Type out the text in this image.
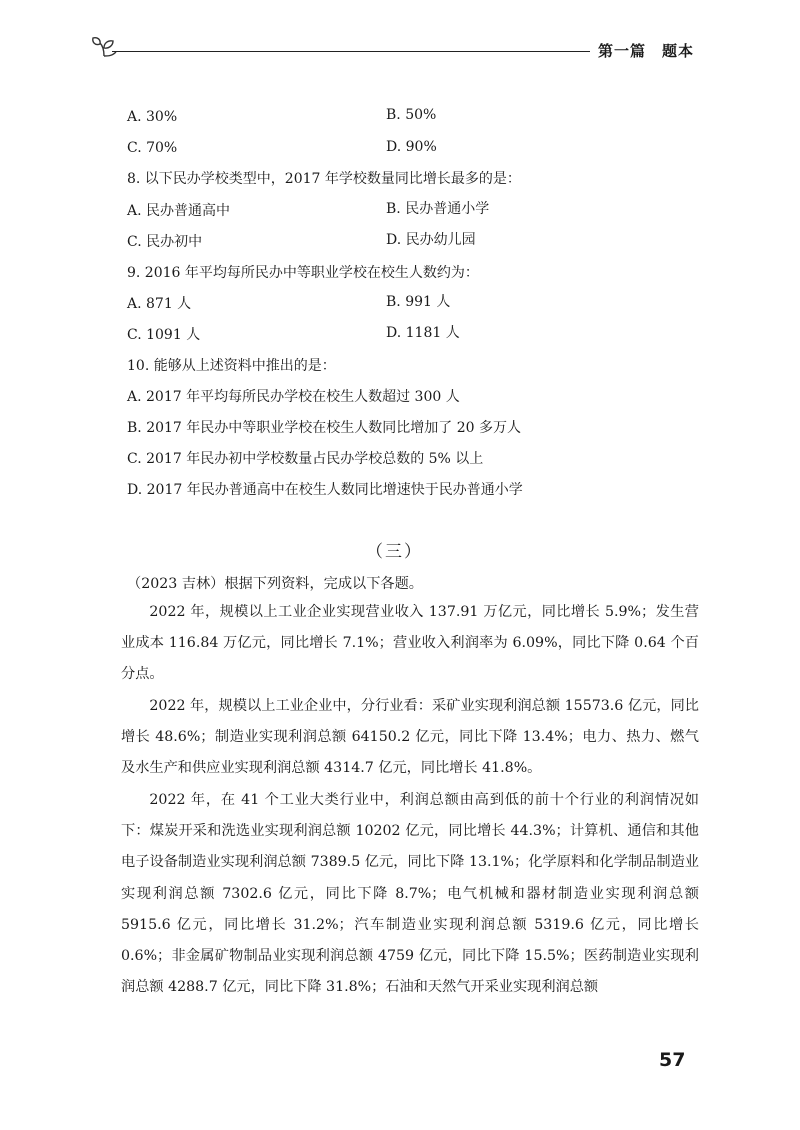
第一篇　题本
A. 30%	B. 50%
C. 70%	D. 90%
8. 以下民办学校类型中，2017 年学校数量同比增长最多的是：
A. 民办普通高中	B. 民办普通小学
C. 民办初中	D. 民办幼儿园
9. 2016 年平均每所民办中等职业学校在校生人数约为：
A. 871 人	B. 991 人
C. 1091 人	D. 1181 人
10. 能够从上述资料中推出的是：
A. 2017 年平均每所民办学校在校生人数超过 300 人
B. 2017 年民办中等职业学校在校生人数同比增加了 20 多万人
C. 2017 年民办初中学校数量占民办学校总数的 5% 以上
D. 2017 年民办普通高中在校生人数同比增速快于民办普通小学
（三）
（2023 吉林）根据下列资料，完成以下各题。
2022 年，规模以上工业企业实现营业收入 137.91 万亿元，同比增长 5.9%；发生营业成本 116.84 万亿元，同比增长 7.1%；营业收入利润率为 6.09%，同比下降 0.64 个百分点。
2022 年，规模以上工业企业中，分行业看：采矿业实现利润总额 15573.6 亿元，同比增长 48.6%；制造业实现利润总额 64150.2 亿元，同比下降 13.4%；电力、热力、燃气及水生产和供应业实现利润总额 4314.7 亿元，同比增长 41.8%。
2022 年，在 41 个工业大类行业中，利润总额由高到低的前十个行业的利润情况如下：煤炭开采和洗选业实现利润总额 10202 亿元，同比增长 44.3%；计算机、通信和其他电子设备制造业实现利润总额 7389.5 亿元，同比下降 13.1%；化学原料和化学制品制造业实现利润总额 7302.6 亿元，同比下降 8.7%；电气机械和器材制造业实现利润总额 5915.6 亿元，同比增长 31.2%；汽车制造业实现利润总额 5319.6 亿元，同比增长 0.6%；非金属矿物制品业实现利润总额 4759 亿元，同比下降 15.5%；医药制造业实现利润总额 4288.7 亿元，同比下降 31.8%；石油和天然气开采业实现利润总额
57
